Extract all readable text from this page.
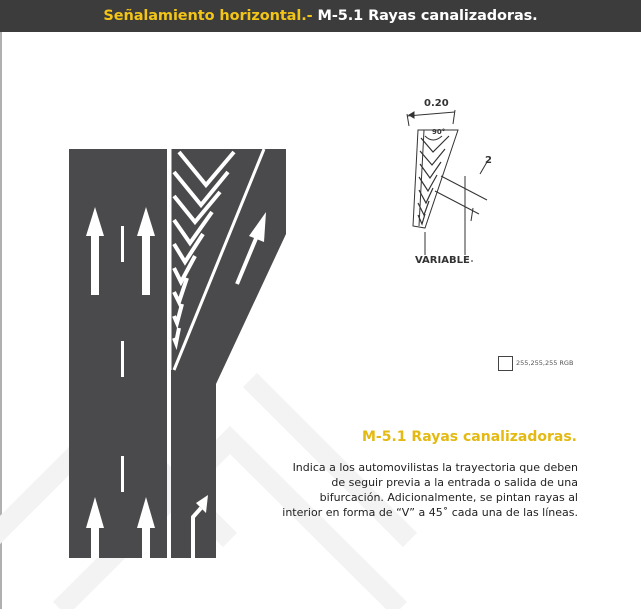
Señalamiento horizontal.- M-5.1 Rayas canalizadoras.
0.20
90°
2
VARIABLE
255,255,255 RGB
M-5.1 Rayas canalizadoras.
Indica a los automovilistas la trayectoria que deben de seguir previa a la entrada o salida de una bifurcación. Adicionalmente, se pintan rayas al interior en forma de “V” a 45˚ cada una de las líneas.
